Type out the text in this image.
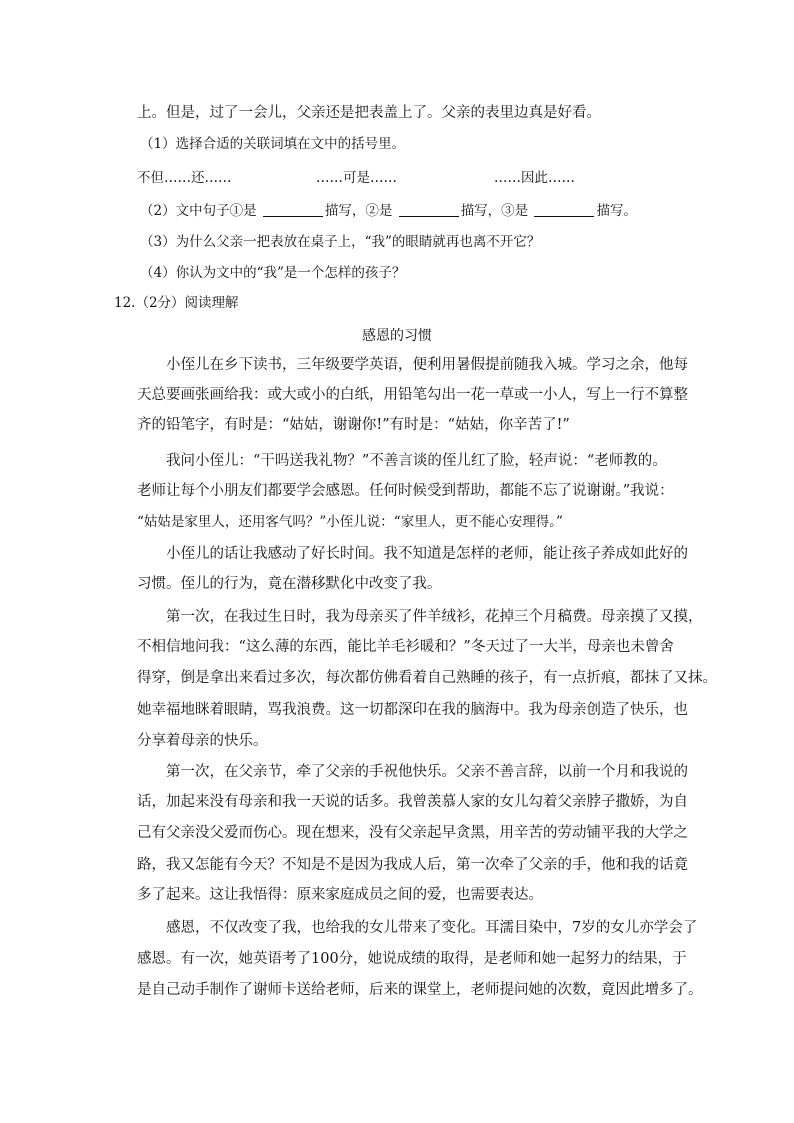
上。但是，过了一会儿，父亲还是把表盖上了。父亲的表里边真是好看。
（1）选择合适的关联词填在文中的括号里。
不但……还……	……可是……	……因此……
（2）文中句子①是	描写，②是	描写，③是	描写。
（3）为什么父亲一把表放在桌子上，“我”的眼睛就再也离不开它？
（4）你认为文中的“我”是一个怎样的孩子？
12.（2分）阅读理解
感恩的习惯
小侄儿在乡下读书，三年级要学英语，便利用暑假提前随我入城。学习之余，他每
天总要画张画给我：或大或小的白纸，用铅笔勾出一花一草或一小人，写上一行不算整
齐的铅笔字，有时是：“姑姑，谢谢你!”有时是：“姑姑，你辛苦了!”
我问小侄儿：“干吗送我礼物？”不善言谈的侄儿红了脸，轻声说：“老师教的。
老师让每个小朋友们都要学会感恩。任何时候受到帮助，都能不忘了说谢谢。”我说：
“姑姑是家里人，还用客气吗？”小侄儿说：“家里人，更不能心安理得。”
小侄儿的话让我感动了好长时间。我不知道是怎样的老师，能让孩子养成如此好的
习惯。侄儿的行为，竟在潜移默化中改变了我。
第一次，在我过生日时，我为母亲买了件羊绒衫，花掉三个月稿费。母亲摸了又摸，
不相信地问我：“这么薄的东西，能比羊毛衫暖和？”冬天过了一大半，母亲也未曾舍
得穿，倒是拿出来看过多次，每次都仿佛看着自己熟睡的孩子，有一点折痕，都抹了又抹。
她幸福地眯着眼睛，骂我浪费。这一切都深印在我的脑海中。我为母亲创造了快乐，也
分享着母亲的快乐。
第一次，在父亲节，牵了父亲的手祝他快乐。父亲不善言辞，以前一个月和我说的
话，加起来没有母亲和我一天说的话多。我曾羡慕人家的女儿勾着父亲脖子撒娇，为自
己有父亲没父爱而伤心。现在想来，没有父亲起早贪黑，用辛苦的劳动铺平我的大学之
路，我又怎能有今天？不知是不是因为我成人后，第一次牵了父亲的手，他和我的话竟
多了起来。这让我悟得：原来家庭成员之间的爱，也需要表达。
感恩，不仅改变了我，也给我的女儿带来了变化。耳濡目染中，7岁的女儿亦学会了
感恩。有一次，她英语考了100分，她说成绩的取得，是老师和她一起努力的结果，于
是自己动手制作了谢师卡送给老师，后来的课堂上，老师提问她的次数，竟因此增多了。
